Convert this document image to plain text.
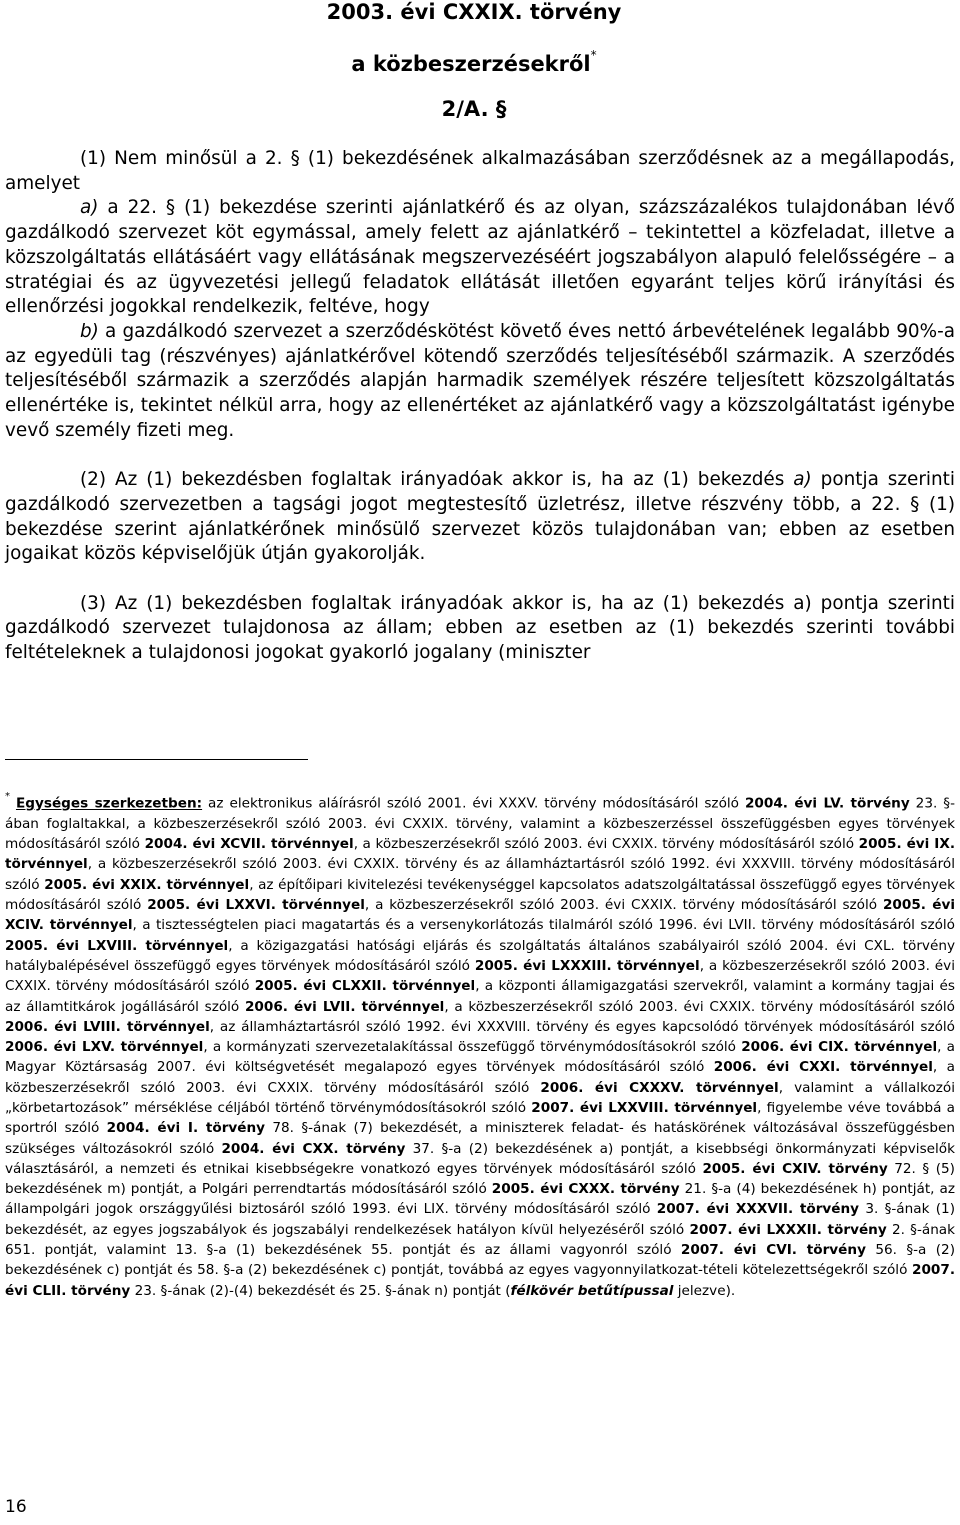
2003. évi CXXIX. törvény
a közbeszerzésekről*
2/A. §

(1) Nem minősül a 2. § (1) bekezdésének alkalmazásában szerződésnek az a megállapodás, amelyet

a) a 22. § (1) bekezdése szerinti ajánlatkérő és az olyan, százszázalékos tulajdonában lévő gazdálkodó szervezet köt egymással, amely felett az ajánlatkérő – tekintettel a közfeladat, illetve a közszolgáltatás ellátásáért vagy ellátásának megszervezéséért jogszabályon alapuló felelősségére – a stratégiai és az ügyvezetési jellegű feladatok ellátását illetően egyaránt teljes körű irányítási és ellenőrzési jogokkal rendelkezik, feltéve, hogy

b) a gazdálkodó szervezet a szerződéskötést követő éves nettó árbevételének legalább 90%-a az egyedüli tag (részvényes) ajánlatkérővel kötendő szerződés teljesítéséből származik. A szerződés teljesítéséből származik a szerződés alapján harmadik személyek részére teljesített közszolgáltatás ellenértéke is, tekintet nélkül arra, hogy az ellenértéket az ajánlatkérő vagy a közszolgáltatást igénybe vevő személy fizeti meg.

(2) Az (1) bekezdésben foglaltak irányadóak akkor is, ha az (1) bekezdés a) pontja szerinti gazdálkodó szervezetben a tagsági jogot megtestesítő üzletrész, illetve részvény több, a 22. § (1) bekezdése szerint ajánlatkérőnek minősülő szervezet közös tulajdonában van; ebben az esetben jogaikat közös képviselőjük útján gyakorolják.

(3) Az (1) bekezdésben foglaltak irányadóak akkor is, ha az (1) bekezdés a) pontja szerinti gazdálkodó szervezet tulajdonosa az állam; ebben az esetben az (1) bekezdés szerinti további feltételeknek a tulajdonosi jogokat gyakorló jogalany (miniszter

* Egységes szerkezetben: az elektronikus aláírásról szóló 2001. évi XXXV. törvény módosításáról szóló 2004. évi LV. törvény 23. §-ában foglaltakkal, a közbeszerzésekről szóló 2003. évi CXXIX. törvény, valamint a közbeszerzéssel összefüggésben egyes törvények módosításáról szóló 2004. évi XCVII. törvénnyel, a közbeszerzésekről szóló 2003. évi CXXIX. törvény módosításáról szóló 2005. évi IX. törvénnyel, a közbeszerzésekről szóló 2003. évi CXXIX. törvény és az államháztartásról szóló 1992. évi XXXVIII. törvény módosításáról szóló 2005. évi XXIX. törvénnyel, az építőipari kivitelezési tevékenységgel kapcsolatos adatszolgáltatással összefüggő egyes törvények módosításáról szóló 2005. évi LXXVI. törvénnyel, a közbeszerzésekről szóló 2003. évi CXXIX. törvény módosításáról szóló 2005. évi XCIV. törvénnyel, a tisztességtelen piaci magatartás és a versenykorlátozás tilalmáról szóló 1996. évi LVII. törvény módosításáról szóló 2005. évi LXVIII. törvénnyel, a közigazgatási hatósági eljárás és szolgáltatás általános szabályairól szóló 2004. évi CXL. törvény hatálybalépésével összefüggő egyes törvények módosításáról szóló 2005. évi LXXXIII. törvénnyel, a közbeszerzésekről szóló 2003. évi CXXIX. törvény módosításáról szóló 2005. évi CLXXII. törvénnyel, a központi államigazgatási szervekről, valamint a kormány tagjai és az államtitkárok jogállásáról szóló 2006. évi LVII. törvénnyel, a közbeszerzésekről szóló 2003. évi CXXIX. törvény módosításáról szóló 2006. évi LVIII. törvénnyel, az államháztartásról szóló 1992. évi XXXVIII. törvény és egyes kapcsolódó törvények módosításáról szóló 2006. évi LXV. törvénnyel, a kormányzati szervezetalakítással összefüggő törvénymódosításokról szóló 2006. évi CIX. törvénnyel, a Magyar Köztársaság 2007. évi költségvetését megalapozó egyes törvények módosításáról szóló 2006. évi CXXI. törvénnyel, a közbeszerzésekről szóló 2003. évi CXXIX. törvény módosításáról szóló 2006. évi CXXXV. törvénnyel, valamint a vállalkozói „körbetartozások” mérséklése céljából történő törvénymódosításokról szóló 2007. évi LXXVIII. törvénnyel, figyelembe véve továbbá a sportról szóló 2004. évi I. törvény 78. §-ának (7) bekezdését, a miniszterek feladat- és hatáskörének változásával összefüggésben szükséges változásokról szóló 2004. évi CXX. törvény 37. §-a (2) bekezdésének a) pontját, a kisebbségi önkormányzati képviselők választásáról, a nemzeti és etnikai kisebbségekre vonatkozó egyes törvények módosításáról szóló 2005. évi CXIV. törvény 72. § (5) bekezdésének m) pontját, a Polgári perrendtartás módosításáról szóló 2005. évi CXXX. törvény 21. §-a (4) bekezdésének h) pontját, az állampolgári jogok országgyűlési biztosáról szóló 1993. évi LIX. törvény módosításáról szóló 2007. évi XXXVII. törvény 3. §-ának (1) bekezdését, az egyes jogszabályok és jogszabályi rendelkezések hatályon kívül helyezéséről szóló 2007. évi LXXXII. törvény 2. §-ának 651. pontját, valamint 13. §-a (1) bekezdésének 55. pontját és az állami vagyonról szóló 2007. évi CVI. törvény 56. §-a (2) bekezdésének c) pontját és 58. §-a (2) bekezdésének c) pontját, továbbá az egyes vagyonnyilatkozat-tételi kötelezettségekről szóló 2007. évi CLII. törvény 23. §-ának (2)-(4) bekezdését és 25. §-ának n) pontját (félkövér betűtípussal jelezve).

16
